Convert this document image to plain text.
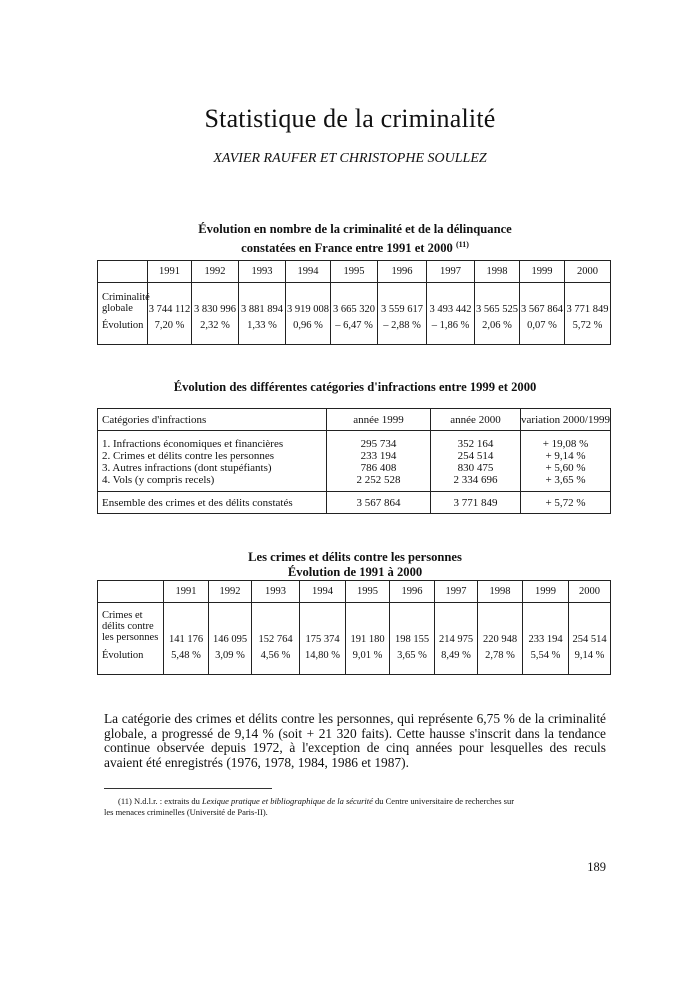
Statistique de la criminalité
XAVIER RAUFER ET CHRISTOPHE SOULLEZ
Évolution en nombre de la criminalité et de la délinquance
constatées en France entre 1991 et 2000 $^{(11)}$
	1991	1992	1993	1994	1995	1996	1997	1998	1999	2000

Criminalité
globale	3 744 112	3 830 996	3 881 894	3 919 008	3 665 320	3 559 617	3 493 442	3 565 525	3 567 864	3 771 849
Évolution	7,20 %	2,32 %	1,33 %	0,96 %	– 6,47 %	– 2,88 %	– 1,86 %	2,06 %	0,07 %	5,72 %

Évolution des différentes catégories d'infractions entre 1999 et 2000
Catégories d'infractions	année 1999	année 2000	variation 2000/1999

1. Infractions économiques et financières	295 734	352 164	+ 19,08 %
2. Crimes et délits contre les personnes	233 194	254 514	+ 9,14 %
3. Autres infractions (dont stupéfiants)	786 408	830 475	+ 5,60 %
4. Vols (y compris recels)	2 252 528	2 334 696	+ 3,65 %

Ensemble des crimes et des délits constatés	3 567 864	3 771 849	+ 5,72 %
Les crimes et délits contre les personnes
Évolution de 1991 à 2000
	1991	1992	1993	1994	1995	1996	1997	1998	1999	2000

Crimes et
délits contre
les personnes	141 176	146 095	152 764	175 374	191 180	198 155	214 975	220 948	233 194	254 514
Évolution	5,48 %	3,09 %	4,56 %	14,80 %	9,01 %	3,65 %	8,49 %	2,78 %	5,54 %	9,14 %

La catégorie des crimes et délits contre les personnes, qui représente 6,75 % de la criminalité globale, a progressé de 9,14 % (soit + 21 320 faits). Cette hausse s'inscrit dans la tendance continue observée depuis 1972, à l'exception de cinq années pour lesquelles des reculs avaient été enregistrés (1976, 1978, 1984, 1986 et 1987).
(11) N.d.l.r. : extraits du Lexique pratique et bibliographique de la sécurité du Centre universitaire de recherches sur les menaces criminelles (Université de Paris-II).
189
